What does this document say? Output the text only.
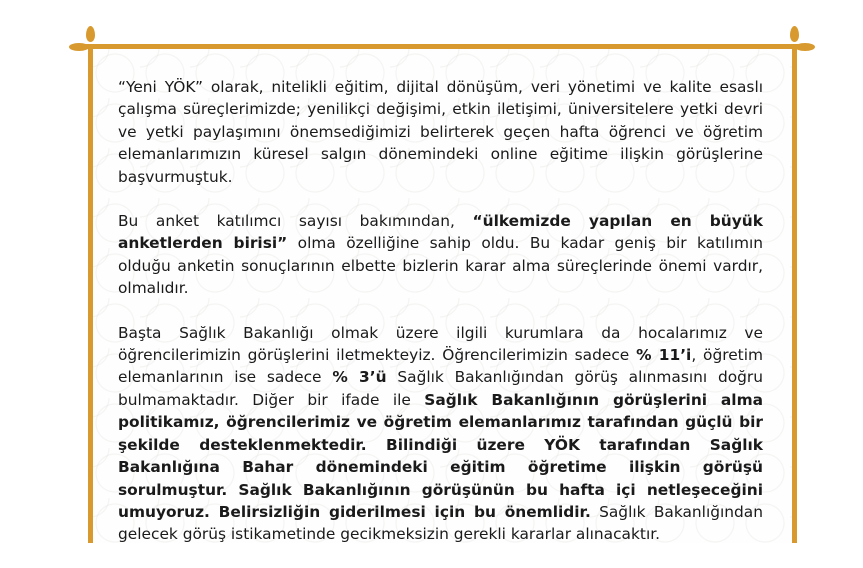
“Yeni YÖK” olarak, nitelikli eğitim, dijital dönüşüm, veri yönetimi ve kalite esaslı çalışma süreçlerimizde; yenilikçi değişimi, etkin iletişimi, üniversitelere yetki devri ve yetki paylaşımını önemsediğimizi belirterek geçen hafta öğrenci ve öğretim elemanlarımızın küresel salgın dönemindeki online eğitime ilişkin görüşlerine başvurmuştuk.

Bu anket katılımcı sayısı bakımından, “ülkemizde yapılan en büyük anketlerden birisi” olma özelliğine sahip oldu. Bu kadar geniş bir katılımın olduğu anketin sonuçlarının elbette bizlerin karar alma süreçlerinde önemi vardır, olmalıdır.

Başta Sağlık Bakanlığı olmak üzere ilgili kurumlara da hocalarımız ve öğrencilerimizin görüşlerini iletmekteyiz. Öğrencilerimizin sadece % 11’i, öğretim elemanlarının ise sadece % 3’ü Sağlık Bakanlığından görüş alınmasını doğru bulmamaktadır. Diğer bir ifade ile Sağlık Bakanlığının görüşlerini alma politikamız, öğrencilerimiz ve öğretim elemanlarımız tarafından güçlü bir şekilde desteklenmektedir. Bilindiği üzere YÖK tarafından Sağlık Bakanlığına Bahar dönemindeki eğitim öğretime ilişkin görüşü sorulmuştur. Sağlık Bakanlığının görüşünün bu hafta içi netleşeceğini umuyoruz. Belirsizliğin giderilmesi için bu önemlidir. Sağlık Bakanlığından gelecek görüş istikametinde gecikmeksizin gerekli kararlar alınacaktır.
